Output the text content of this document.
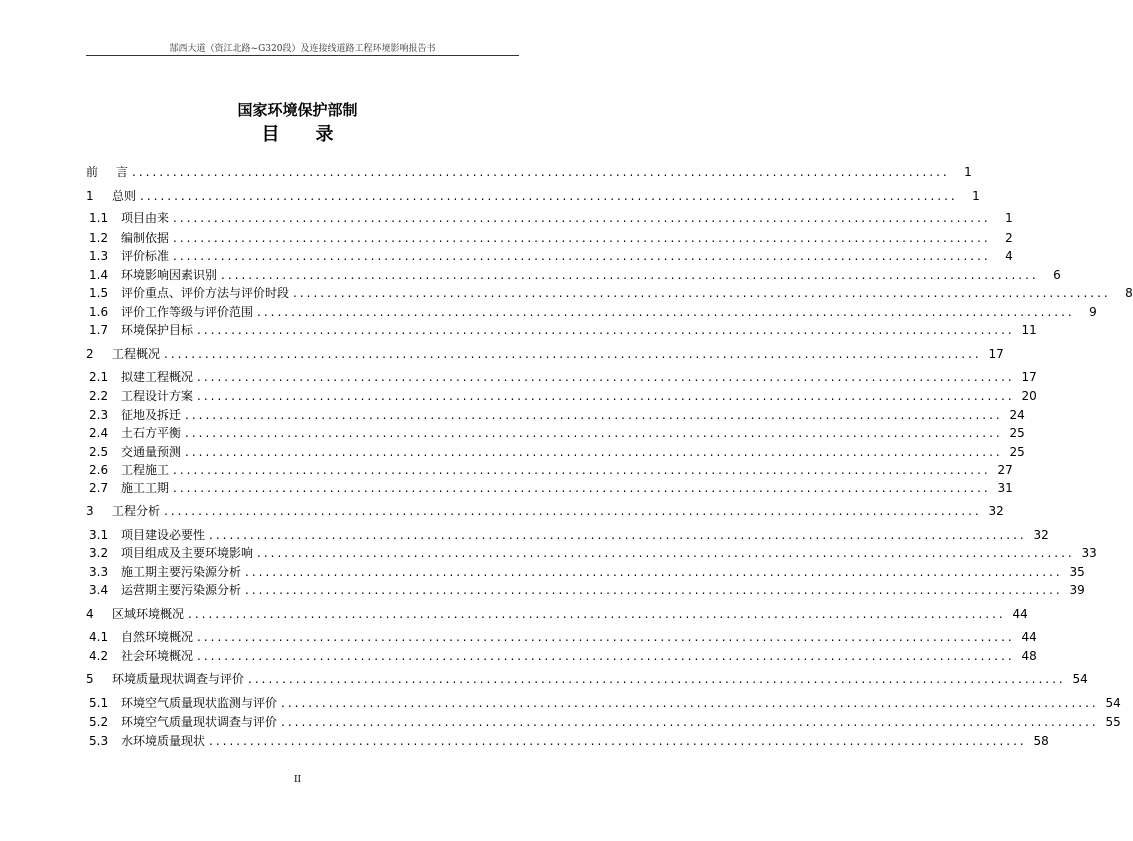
郜西大道（资江北路~G320段）及连接线道路工程环境影响报告书
国家环境保护部制
目 录
前	言 ........................................................................................................................	1
1	总则 ........................................................................................................................	1
1.1	项目由来 ........................................................................................................................	1
1.2	编制依据 ........................................................................................................................	2
1.3	评价标准 ........................................................................................................................	4
1.4	环境影响因素识别 ........................................................................................................................	6
1.5	评价重点、评价方法与评价时段 ........................................................................................................................	8
1.6	评价工作等级与评价范围 ........................................................................................................................	9
1.7	环境保护目标 ........................................................................................................................ 11
2	工程概况 ........................................................................................................................ 17
2.1	拟建工程概况 ........................................................................................................................ 17
2.2	工程设计方案 ........................................................................................................................ 20
2.3	征地及拆迁 ........................................................................................................................ 24
2.4	土石方平衡 ........................................................................................................................ 25
2.5	交通量预测 ........................................................................................................................ 25
2.6	工程施工 ........................................................................................................................ 27
2.7	施工工期 ........................................................................................................................ 31
3	工程分析 ........................................................................................................................ 32
3.1	项目建设必要性 ........................................................................................................................ 32
3.2	项目组成及主要环境影响 ........................................................................................................................ 33
3.3	施工期主要污染源分析 ........................................................................................................................ 35
3.4	运营期主要污染源分析 ........................................................................................................................ 39
4	区域环境概况 ........................................................................................................................ 44
4.1	自然环境概况 ........................................................................................................................ 44
4.2	社会环境概况 ........................................................................................................................ 48
5	环境质量现状调查与评价 ........................................................................................................................ 54
5.1	环境空气质量现状监测与评价 ........................................................................................................................ 54
5.2	环境空气质量现状调查与评价 ........................................................................................................................ 55
5.3	水环境质量现状 ........................................................................................................................ 58
II
